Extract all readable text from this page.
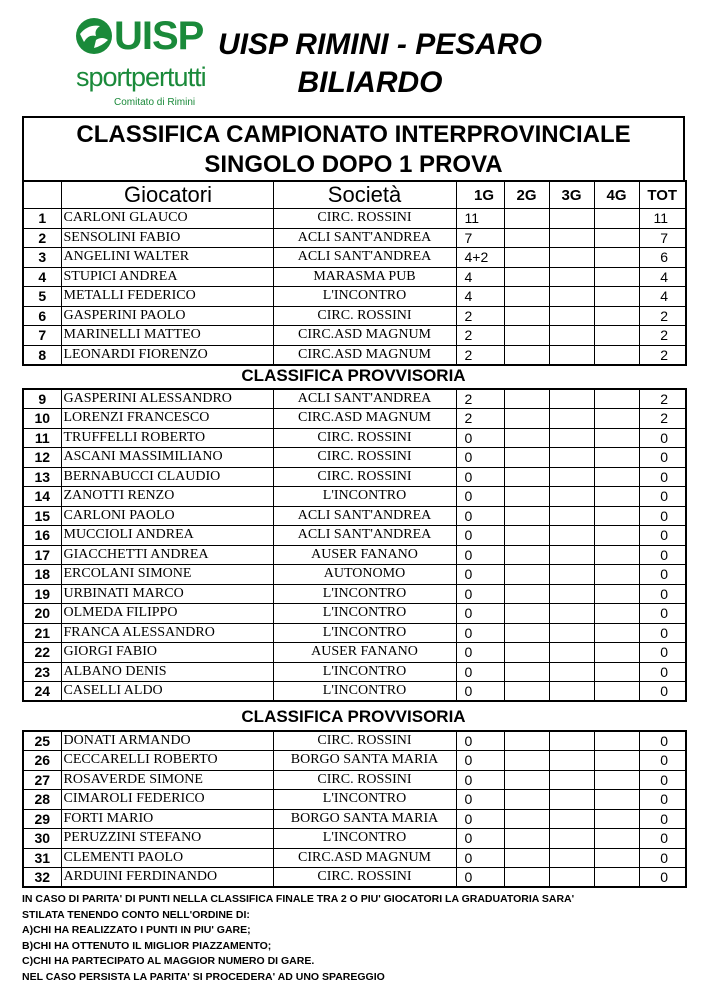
UISP
sportpertutti
Comitato di Rimini
UISP RIMINI - PESARO
BILIARDO
CLASSIFICA CAMPIONATO INTERPROVINCIALE
SINGOLO DOPO 1 PROVA
	Giocatori	Società	1G	2G	3G	4G	TOT
1	CARLONI GLAUCO	CIRC. ROSSINI	11				11
2	SENSOLINI FABIO	ACLI SANT'ANDREA	7				7
3	ANGELINI WALTER	ACLI SANT'ANDREA	4+2				6
4	STUPICI ANDREA	MARASMA PUB	4				4
5	METALLI FEDERICO	L'INCONTRO	4				4
6	GASPERINI PAOLO	CIRC. ROSSINI	2				2
7	MARINELLI MATTEO	CIRC.ASD MAGNUM	2				2
8	LEONARDI FIORENZO	CIRC.ASD MAGNUM	2				2
CLASSIFICA PROVVISORIA
9	GASPERINI ALESSANDRO	ACLI SANT'ANDREA	2				2
10	LORENZI FRANCESCO	CIRC.ASD MAGNUM	2				2
11	TRUFFELLI ROBERTO	CIRC. ROSSINI	0				0
12	ASCANI MASSIMILIANO	CIRC. ROSSINI	0				0
13	BERNABUCCI CLAUDIO	CIRC. ROSSINI	0				0
14	ZANOTTI RENZO	L'INCONTRO	0				0
15	CARLONI PAOLO	ACLI SANT'ANDREA	0				0
16	MUCCIOLI ANDREA	ACLI SANT'ANDREA	0				0
17	GIACCHETTI ANDREA	AUSER FANANO	0				0
18	ERCOLANI SIMONE	AUTONOMO	0				0
19	URBINATI MARCO	L'INCONTRO	0				0
20	OLMEDA FILIPPO	L'INCONTRO	0				0
21	FRANCA ALESSANDRO	L'INCONTRO	0				0
22	GIORGI FABIO	AUSER FANANO	0				0
23	ALBANO DENIS	L'INCONTRO	0				0
24	CASELLI ALDO	L'INCONTRO	0				0
CLASSIFICA PROVVISORIA
25	DONATI ARMANDO	CIRC. ROSSINI	0				0
26	CECCARELLI ROBERTO	BORGO SANTA MARIA	0				0
27	ROSAVERDE SIMONE	CIRC. ROSSINI	0				0
28	CIMAROLI FEDERICO	L'INCONTRO	0				0
29	FORTI MARIO	BORGO SANTA MARIA	0				0
30	PERUZZINI STEFANO	L'INCONTRO	0				0
31	CLEMENTI PAOLO	CIRC.ASD MAGNUM	0				0
32	ARDUINI FERDINANDO	CIRC. ROSSINI	0				0
IN CASO DI PARITA' DI PUNTI NELLA CLASSIFICA FINALE TRA 2 O PIU' GIOCATORI LA GRADUATORIA SARA'
STILATA TENENDO CONTO NELL'ORDINE DI:
A)CHI HA REALIZZATO I PUNTI IN PIU' GARE;
B)CHI HA OTTENUTO IL MIGLIOR PIAZZAMENTO;
C)CHI HA PARTECIPATO AL MAGGIOR NUMERO DI GARE.
NEL CASO PERSISTA LA PARITA' SI PROCEDERA' AD UNO SPAREGGIO
